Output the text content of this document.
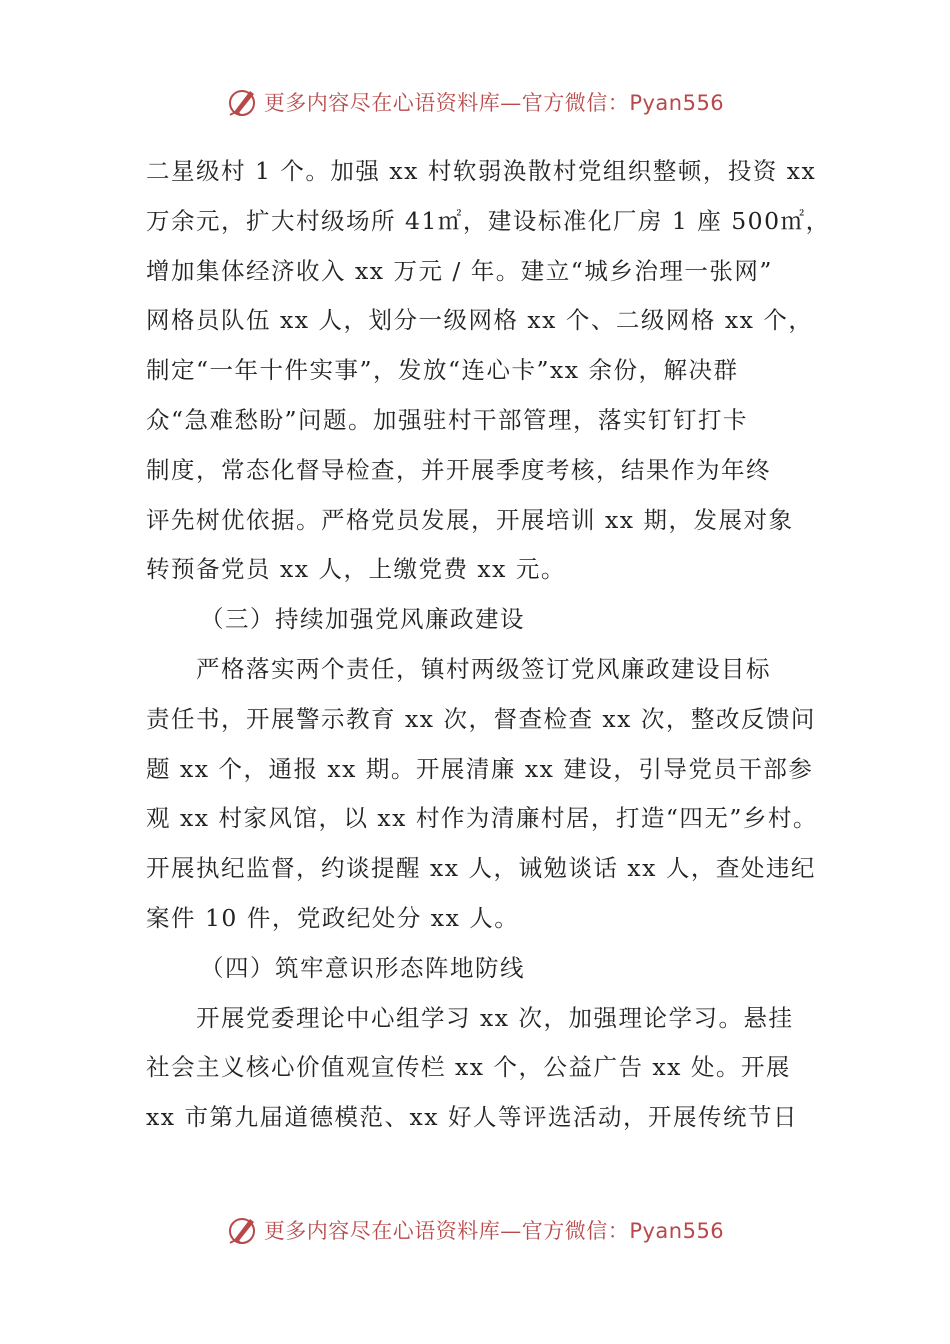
更多内容尽在心语资料库—官方微信：Pyan556
二星级村 1 个。加强 xx 村软弱涣散村党组织整顿，投资 xx
万余元，扩大村级场所 41㎡，建设标准化厂房 1 座 500㎡，
增加集体经济收入 xx 万元 / 年。建立“城乡治理一张网”
网格员队伍 xx 人，划分一级网格 xx 个、二级网格 xx 个，
制定“一年十件实事”，发放“连心卡”xx 余份，解决群
众“急难愁盼”问题。加强驻村干部管理，落实钉钉打卡
制度，常态化督导检查，并开展季度考核，结果作为年终
评先树优依据。严格党员发展，开展培训 xx 期，发展对象
转预备党员 xx 人，上缴党费 xx 元。
（三）持续加强党风廉政建设
严格落实两个责任，镇村两级签订党风廉政建设目标
责任书，开展警示教育 xx 次，督查检查 xx 次，整改反馈问
题 xx 个，通报 xx 期。开展清廉 xx 建设，引导党员干部参
观 xx 村家风馆，以 xx 村作为清廉村居，打造“四无”乡村。
开展执纪监督，约谈提醒 xx 人，诫勉谈话 xx 人，查处违纪
案件 10 件，党政纪处分 xx 人。
（四）筑牢意识形态阵地防线
开展党委理论中心组学习 xx 次，加强理论学习。悬挂
社会主义核心价值观宣传栏 xx 个，公益广告 xx 处。开展
xx 市第九届道德模范、xx 好人等评选活动，开展传统节日
更多内容尽在心语资料库—官方微信：Pyan556
